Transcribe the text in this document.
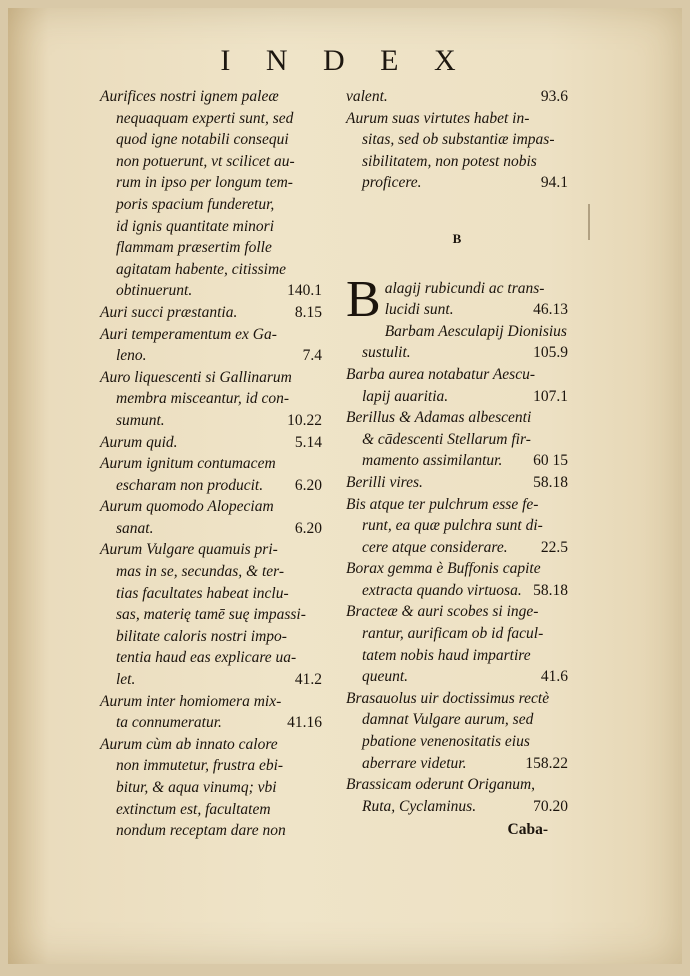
I N D E X
Aurifices nostri ignem paleæ
nequaquam experti sunt, sed
quod igne notabili consequi
non potuerunt, vt scilicet au-
rum in ipso per longum tem-
poris spacium funderetur,
id ignis quantitate minori
flammam præsertim folle
agitatam habente, citissime
obtinuerunt.	140.1
Auri succi præstantia.	8.15
Auri temperamentum ex Ga-
leno.	7.4
Auro liquescenti si Gallinarum
membra misceantur, id con-
sumunt.	10.22
Aurum quid.	5.14
Aurum ignitum contumacem
escharam non producit. 6.20
Aurum quomodo Alopeciam
sanat.	6.20
Aurum Vulgare quamuis pri-
mas in se, secundas, & ter-
tias facultates habeat inclu-
sas, materię tamē suę impassi-
bilitate caloris nostri impo-
tentia haud eas explicare ua-
let.	41.2
Aurum inter homiomera mix-
ta connumeratur.	41.16
Aurum cùm ab innato calore
non immutetur, frustra ebi-
bitur, & aqua vinumq; vbi
extinctum est, facultatem
nondum receptam dare non
valent.	93.6
Aurum suas virtutes habet in-
sitas, sed ob substantiæ impas-
sibilitatem, non potest nobis
proficere.	94.1
B
Balagij rubicundi ac trans-
lucidi sunt.	46.13
Barbam Aesculapij Dionisius
sustulit.	105.9
Barba aurea notabatur Aescu-
lapij auaritia.	107.1
Berillus & Adamas albescenti
& cādescenti Stellarum fir-
mamento assimilantur. 60 15
Berilli vires.	58.18
Bis atque ter pulchrum esse fe-
runt, ea quæ pulchra sunt di-
cere atque considerare. 22.5
Borax gemma è Buffonis capite
extracta quando virtuosa. 58.18
Bracteæ & auri scobes si inge-
rantur, aurificam ob id facul-
tatem nobis haud impartire
queunt.	41.6
Brasauolus uir doctissimus rectè
damnat Vulgare aurum, sed
pbatione venenositatis eius
aberrare videtur.	158.22
Brassicam oderunt Origanum,
Ruta, Cyclaminus.	70.20
Caba-
